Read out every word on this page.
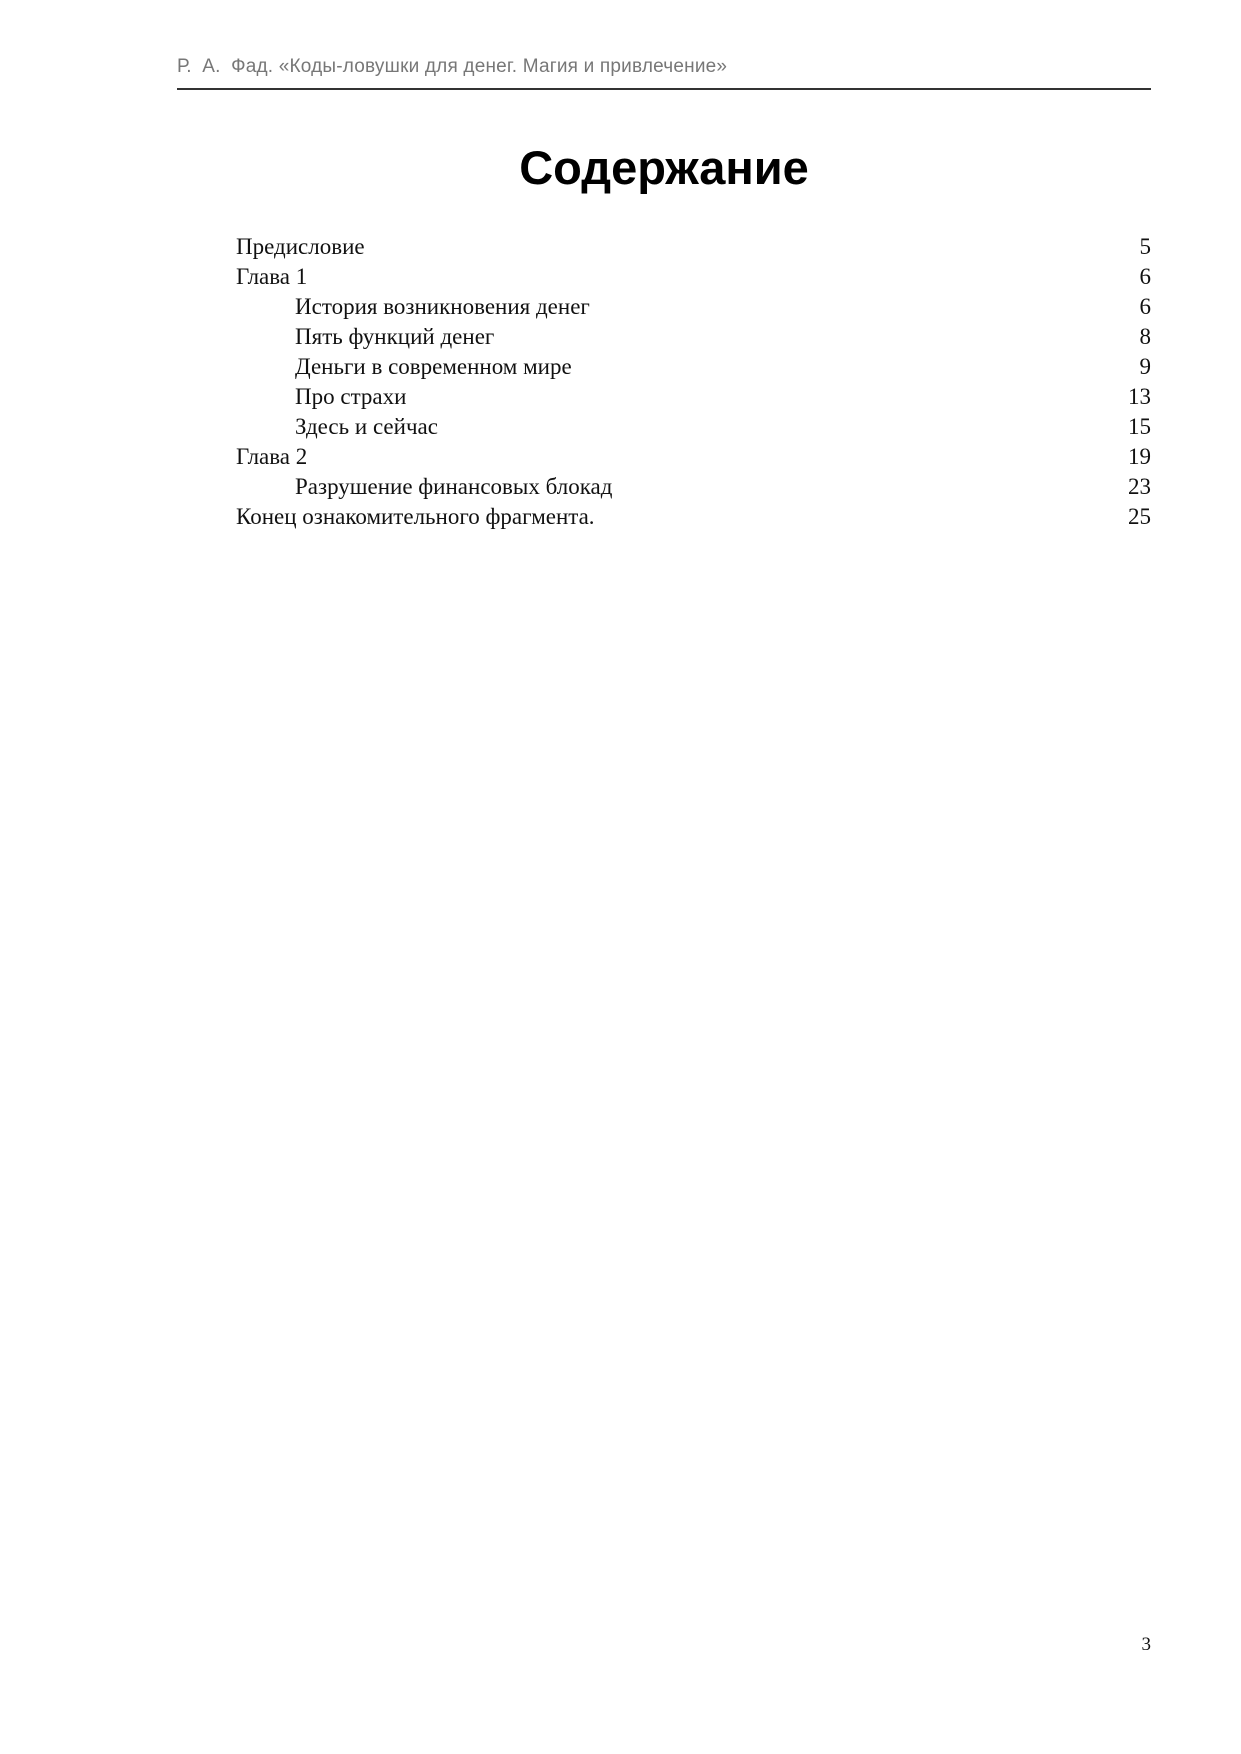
Р. А. Фад. «Коды-ловушки для денег. Магия и привлечение»
Содержание
Предисловие	5
Глава 1	6
История возникновения денег	6
Пять функций денег	8
Деньги в современном мире	9
Про страхи	13
Здесь и сейчас	15
Глава 2	19
Разрушение финансовых блокад	23
Конец ознакомительного фрагмента.	25
3
